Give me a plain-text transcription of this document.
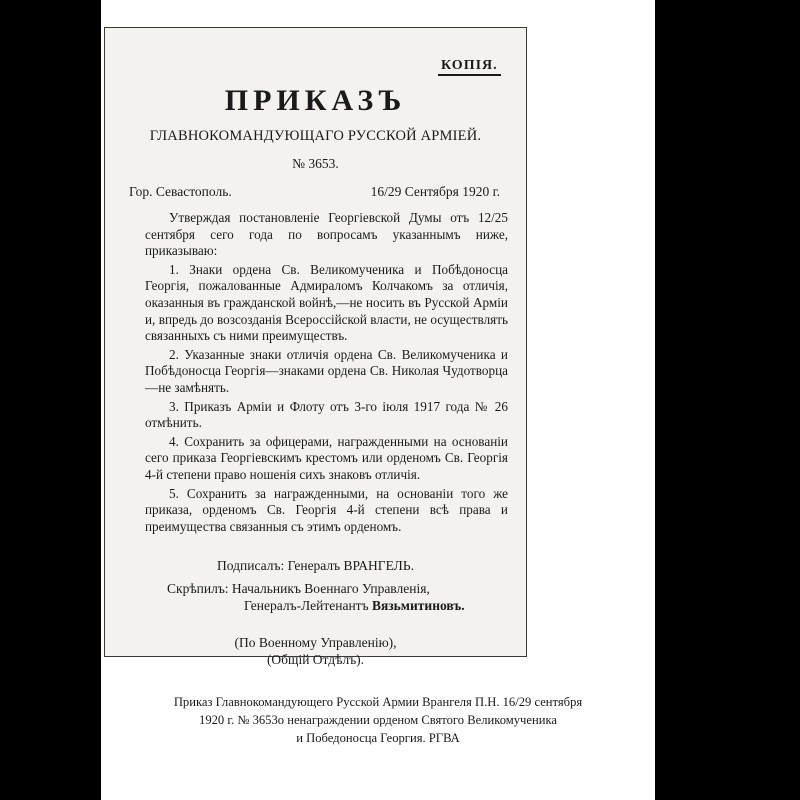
КОПІЯ.
ПРИКАЗЪ
ГЛАВНОКОМАНДУЮЩАГО РУССКОЙ АРМІЕЙ.
№ 3653.
Гор. Севастополь.	16/29 Сентября 1920 г.

Утверждая постановленіе Георгіевской Думы отъ 12/25 сентября сего года по вопросамъ указаннымъ ниже, приказываю:

1. Знаки ордена Св. Великомученика и Побѣдоносца Георгія, пожалованные Адмираломъ Колчакомъ за отличія, оказанныя въ гражданской войнѣ,—не носить въ Русской Арміи и, впредь до возсозданія Всероссійской власти, не осуществлять связанныхъ съ ними преимуществъ.

2. Указанные знаки отличія ордена Св. Великомученика и Побѣдоносца Георгія—знаками ордена Св. Николая Чудотворца—не замѣнять.

3. Приказъ Арміи и Флоту отъ 3-го іюля 1917 года № 26 отмѣнить.

4. Сохранить за офицерами, награжденными на основаніи сего приказа Георгіевскимъ крестомъ или орденомъ Св. Георгія 4-й степени право ношенія сихъ знаковъ отличія.

5. Сохранить за награжденными, на основаніи того же приказа, орденомъ Св. Георгія 4-й степени всѣ права и преимущества связанныя съ этимъ орденомъ.

Подписалъ: Генералъ ВРАНГЕЛЬ.
Скрѣпилъ: Начальникъ Военнаго Управленія,
Генералъ-Лейтенантъ Вязьмитиновъ.
(По Военному Управленію),
(Общій Отдѣлъ).
Приказ Главнокомандующего Русской Армии Врангеля П.Н. 16/29 сентября
1920 г. № 3653о ненаграждении орденом Святого Великомученика
и Победоносца Георгия. РГВА
